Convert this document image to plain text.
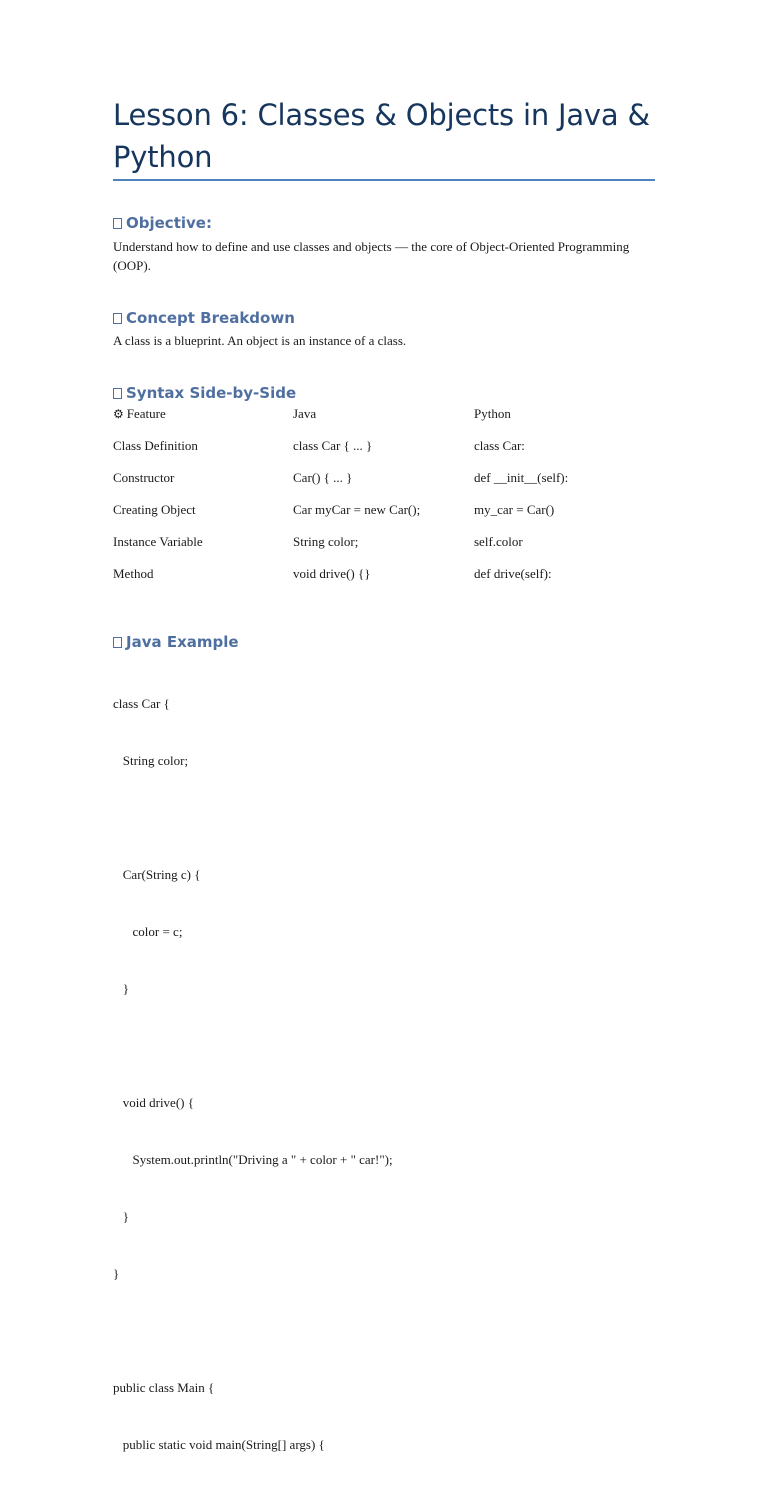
Lesson 6: Classes & Objects in Java & Python
Objective:

Understand how to define and use classes and objects — the core of Object-Oriented Programming (OOP).

Concept Breakdown

A class is a blueprint. An object is an instance of a class.

Syntax Side-by-Side
⚙ Feature	Java	Python
Class Definition	class Car { ... }	class Car:
Constructor	Car() { ... }	def __init__(self):
Creating Object	Car myCar = new Car();	my_car = Car()
Instance Variable	String color;	self.color
Method	void drive() {}	def drive(self):
Java Example

class Car {

String color;

Car(String c) {

color = c;

}

void drive() {

System.out.println("Driving a " + color + " car!");

}

}

public class Main {

public static void main(String[] args) {
